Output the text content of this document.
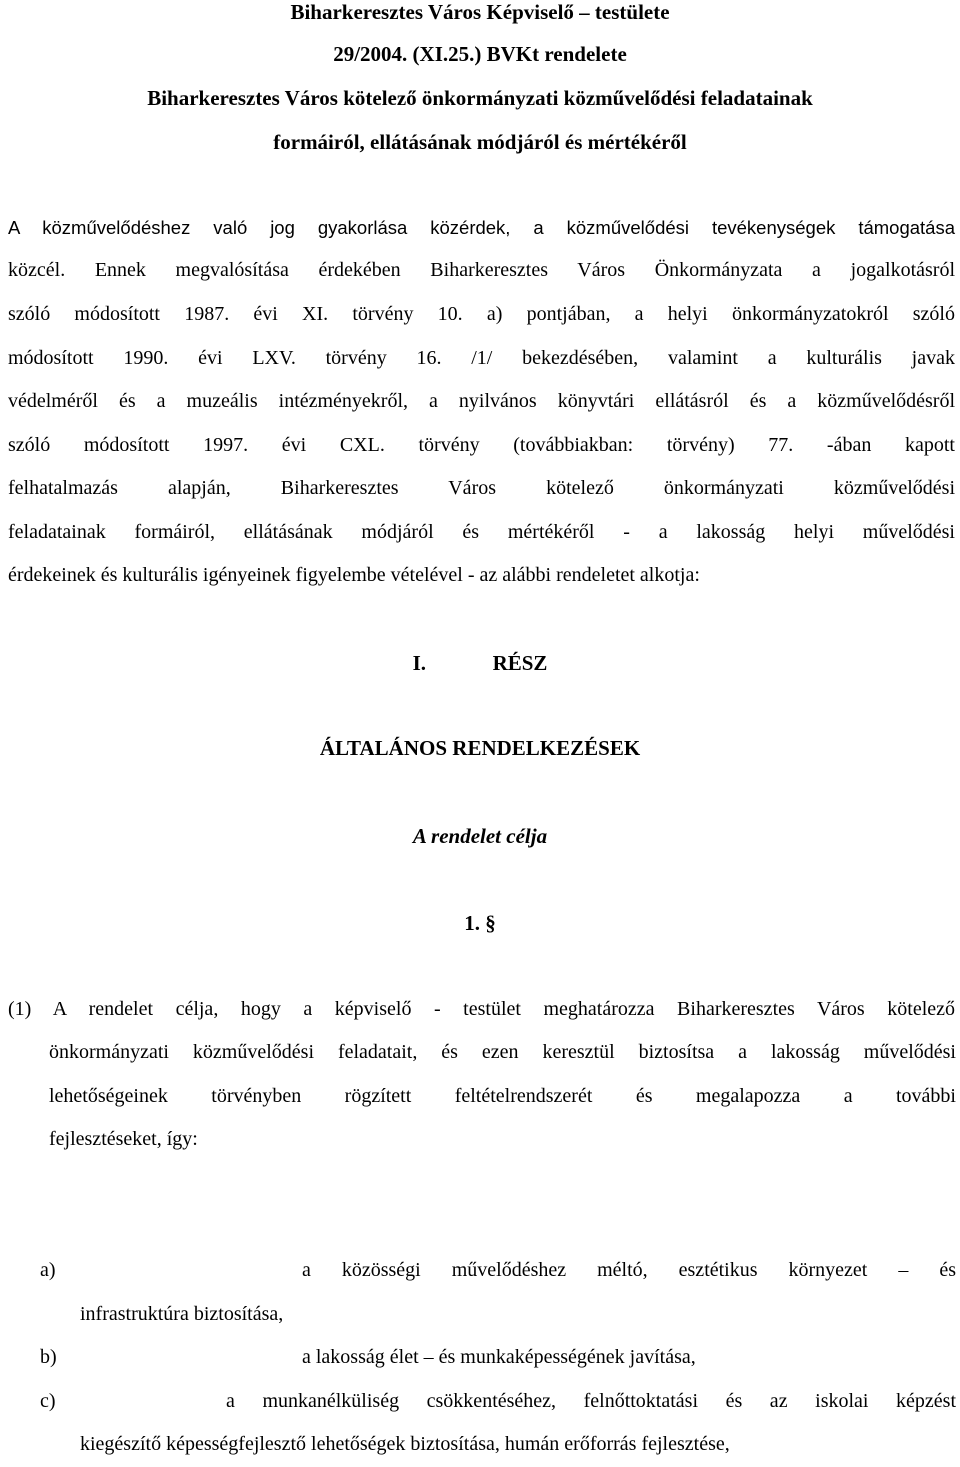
Biharkeresztes Város Képviselő – testülete
29/2004. (XI.25.) BVKt rendelete
Biharkeresztes Város kötelező önkormányzati közművelődési feladatainak
formáiról, ellátásának módjáról és mértékéről
A közművelődéshez való jog gyakorlása közérdek, a közművelődési tevékenységek támogatása
közcél. Ennek megvalósítása érdekében Biharkeresztes Város Önkormányzata a jogalkotásról
szóló módosított 1987. évi XI. törvény 10. a) pontjában, a helyi önkormányzatokról szóló
módosított 1990. évi LXV. törvény 16. /1/ bekezdésében, valamint a kulturális javak
védelméről és a muzeális intézményekről, a nyilvános könyvtári ellátásról és a közművelődésről
szóló módosított 1997. évi CXL. törvény (továbbiakban: törvény) 77. -ában kapott
felhatalmazás alapján, Biharkeresztes Város kötelező önkormányzati közművelődési
feladatainak formáiról, ellátásának módjáról és mértékéről - a lakosság helyi művelődési
érdekeinek és kulturális igényeinek figyelembe vételével - az alábbi rendeletet alkotja:
I.	RÉSZ
ÁLTALÁNOS RENDELKEZÉSEK
A rendelet célja
1. §
(1) A rendelet célja, hogy a képviselő - testület meghatározza Biharkeresztes Város kötelező
önkormányzati közművelődési feladatait, és ezen keresztül biztosítsa a lakosság művelődési
lehetőségeinek törvényben rögzített feltételrendszerét és megalapozza a további
fejlesztéseket, így:
a)	a közösségi művelődéshez méltó, esztétikus környezet – és
infrastruktúra biztosítása,
b)	a lakosság élet – és munkaképességének javítása,
c)	a munkanélküliség csökkentéséhez, felnőttoktatási és az iskolai képzést
kiegészítő képességfejlesztő lehetőségek biztosítása, humán erőforrás fejlesztése,
